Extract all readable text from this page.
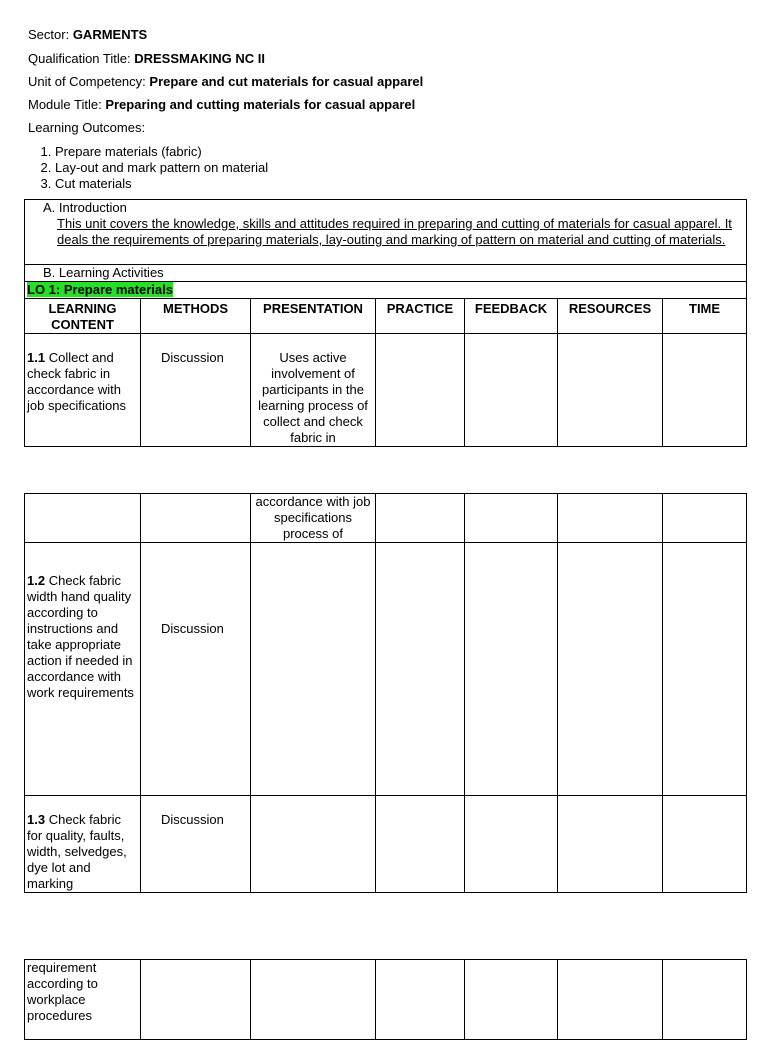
Sector: GARMENTS
Qualification Title: DRESSMAKING NC II
Unit of Competency: Prepare and cut materials for casual apparel
Module Title: Preparing and cutting materials for casual apparel
Learning Outcomes:
1. Prepare materials (fabric)
2. Lay-out and mark pattern on material
3. Cut materials
A. Introduction
This unit covers the knowledge, skills and attitudes required in preparing and cutting of materials for casual apparel. It deals the requirements of preparing materials, lay-outing and marking of pattern on material and cutting of materials.						

B. Learning Activities						

LO 1: Prepare materials						
LEARNING CONTENT	METHODS	PRESENTATION	PRACTICE	FEEDBACK	RESOURCES	TIME
1.1 Collect and check fabric in accordance with job specifications	Discussion	Uses active involvement of participants in the learning process of collect and check fabric in				
		accordance with job specifications process of				
1.2 Check fabric width hand quality according to instructions and take appropriate action if needed in accordance with work requirements	Discussion					
1.3 Check fabric for quality, faults, width, selvedges, dye lot and marking	Discussion					
requirement according to workplace procedures						
